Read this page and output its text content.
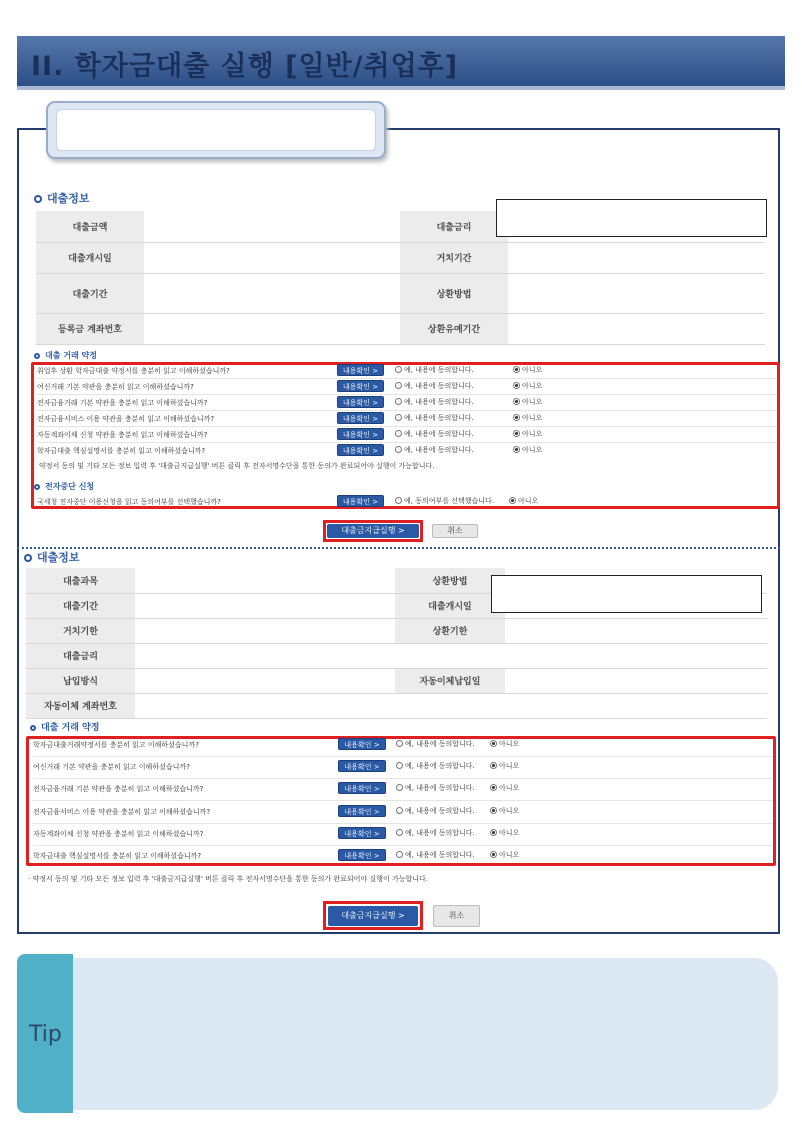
II. 학자금대출 실행 [일반/취업후]
대출정보
대출금액		대출금리	
대출개시일		거치기간	
대출기간		상환방법	
등록금 계좌번호		상환유예기간	
대출 거래 약정
취업후 상환 학자금대출 약정서를 충분히 읽고 이해하셨습니까?	내용확인 >	예, 내용에 동의합니다.	아니오
여신거래 기본 약관을 충분히 읽고 이해하셨습니까?	내용확인 >	예, 내용에 동의합니다.	아니오
전자금융거래 기본 약관을 충분히 읽고 이해하셨습니까?	내용확인 >	예, 내용에 동의합니다.	아니오
전자금융서비스 이용 약관을 충분히 읽고 이해하셨습니까?	내용확인 >	예, 내용에 동의합니다.	아니오
자동계좌이체 신청 약관을 충분히 읽고 이해하셨습니까?	내용확인 >	예, 내용에 동의합니다.	아니오
학자금대출 핵심설명서를 충분히 읽고 이해하셨습니까?	내용확인 >	예, 내용에 동의합니다.	아니오
약정서 동의 및 기타 모든 정보 입력 후 '대출금지급실행' 버튼 클릭 후 전자서명수단을 통한 동의가 완료되어야 실행이 가능합니다.
전자중단 신청
국세청 전자중단 이용신청을 읽고 동의여부를 선택했습니까?	내용확인 >	예, 동의여부를 선택했습니다.	아니오
대출금지급실행 >	취소
대출정보
대출과목		상환방법	
대출기간		대출개시일	
거치기한		상환기한	
대출금리			
납입방식		자동이체납입일	
자동이체 계좌번호			
대출 거래 약정
학자금대출거래약정서를 충분히 읽고 이해하셨습니까?	내용확인 >	예, 내용에 동의합니다.	아니오
여신거래 기본 약관을 충분히 읽고 이해하셨습니까?	내용확인 >	예, 내용에 동의합니다.	아니오
전자금융거래 기본 약관을 충분히 읽고 이해하셨습니까?	내용확인 >	예, 내용에 동의합니다.	아니오
전자금융서비스 이용 약관을 충분히 읽고 이해하셨습니까?	내용확인 >	예, 내용에 동의합니다.	아니오
자동계좌이체 신청 약관을 충분히 읽고 이해하셨습니까?	내용확인 >	예, 내용에 동의합니다.	아니오
학자금대출 핵심설명서를 충분히 읽고 이해하셨습니까?	내용확인 >	예, 내용에 동의합니다.	아니오
· 약정서 동의 및 기타 모든 정보 입력 후 '대출금지급실행' 버튼 클릭 후 전자서명수단을 통한 동의가 완료되어야 실행이 가능합니다.
대출금지급실행 >	취소
Tip
